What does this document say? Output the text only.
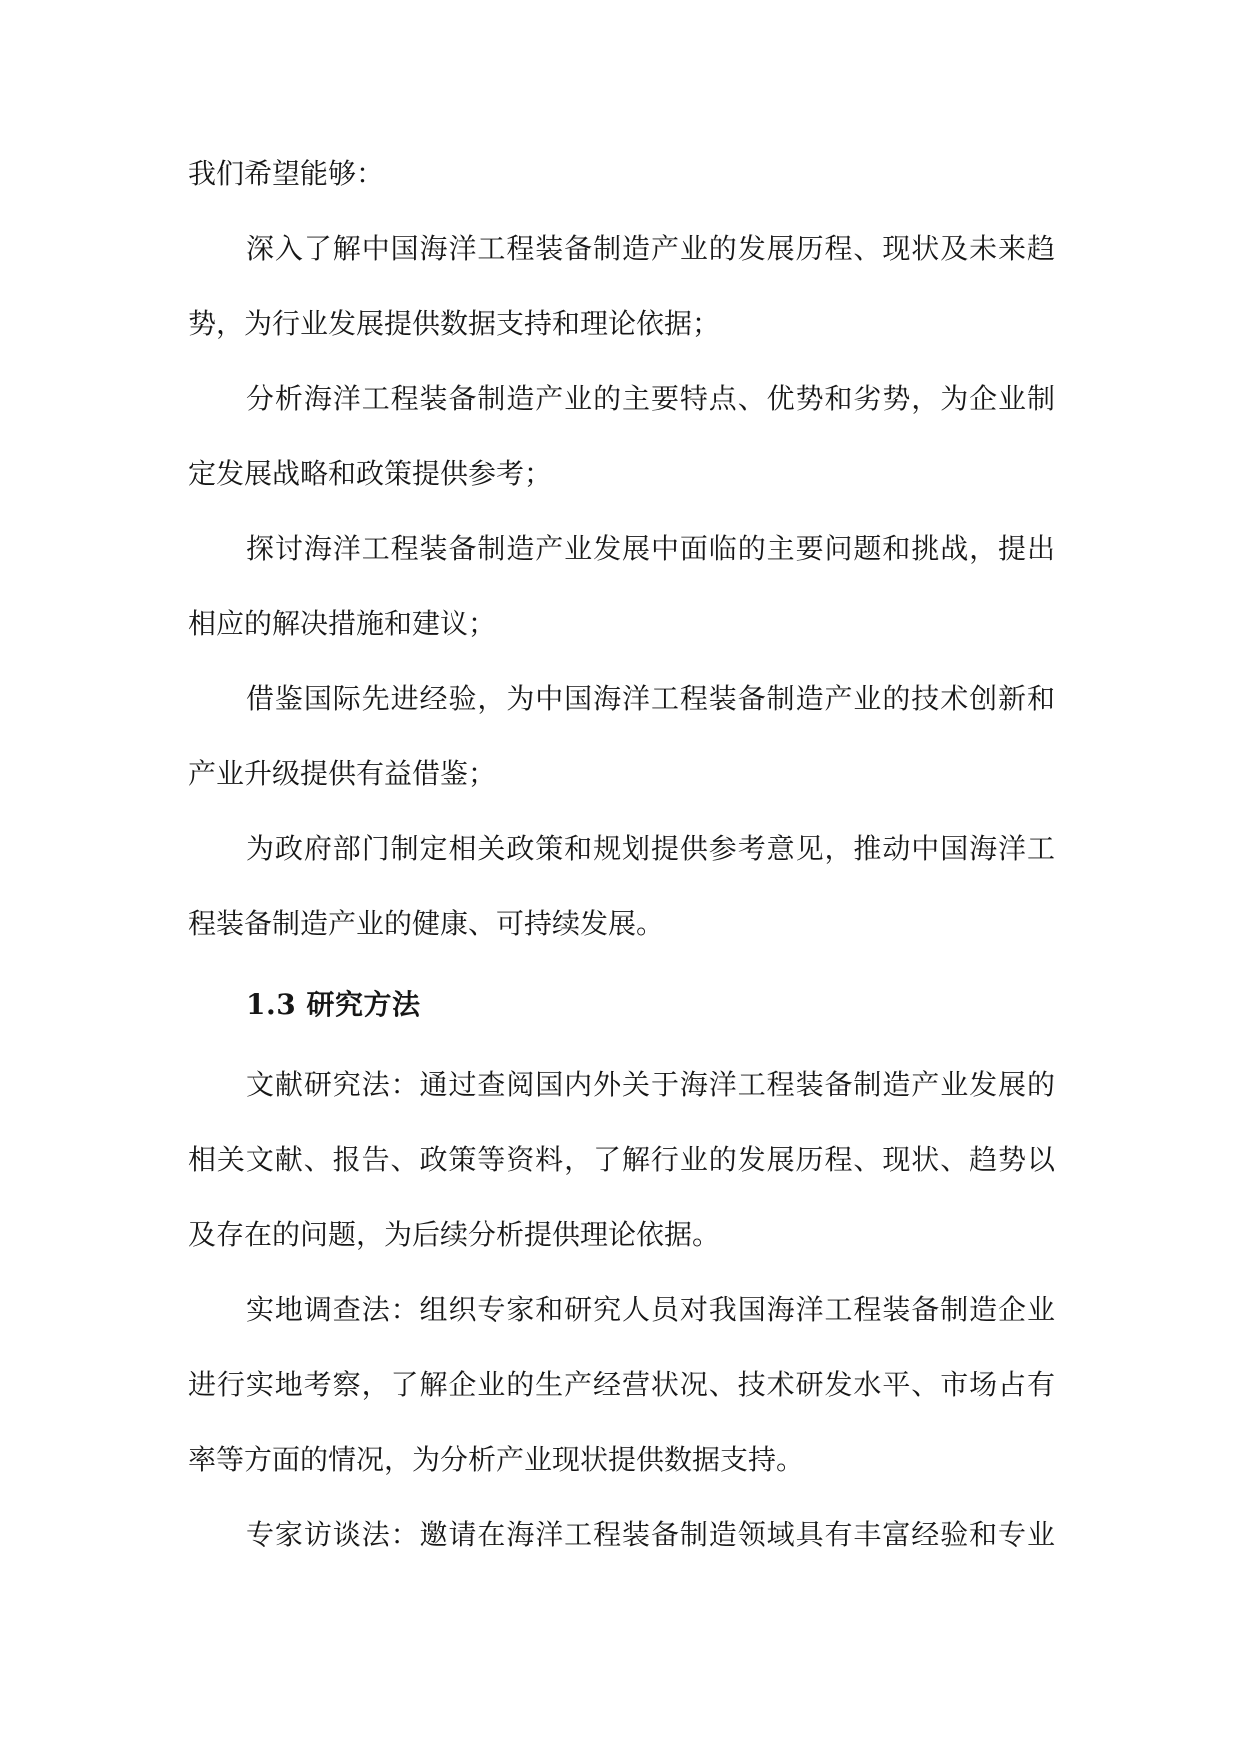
我们希望能够：
深入了解中国海洋工程装备制造产业的发展历程、现状及未来趋
势，为行业发展提供数据支持和理论依据；
分析海洋工程装备制造产业的主要特点、优势和劣势，为企业制
定发展战略和政策提供参考；
探讨海洋工程装备制造产业发展中面临的主要问题和挑战，提出
相应的解决措施和建议；
借鉴国际先进经验，为中国海洋工程装备制造产业的技术创新和
产业升级提供有益借鉴；
为政府部门制定相关政策和规划提供参考意见，推动中国海洋工
程装备制造产业的健康、可持续发展。
1.3 研究方法
文献研究法：通过查阅国内外关于海洋工程装备制造产业发展的
相关文献、报告、政策等资料，了解行业的发展历程、现状、趋势以
及存在的问题，为后续分析提供理论依据。
实地调查法：组织专家和研究人员对我国海洋工程装备制造企业
进行实地考察，了解企业的生产经营状况、技术研发水平、市场占有
率等方面的情况，为分析产业现状提供数据支持。
专家访谈法：邀请在海洋工程装备制造领域具有丰富经验和专业
